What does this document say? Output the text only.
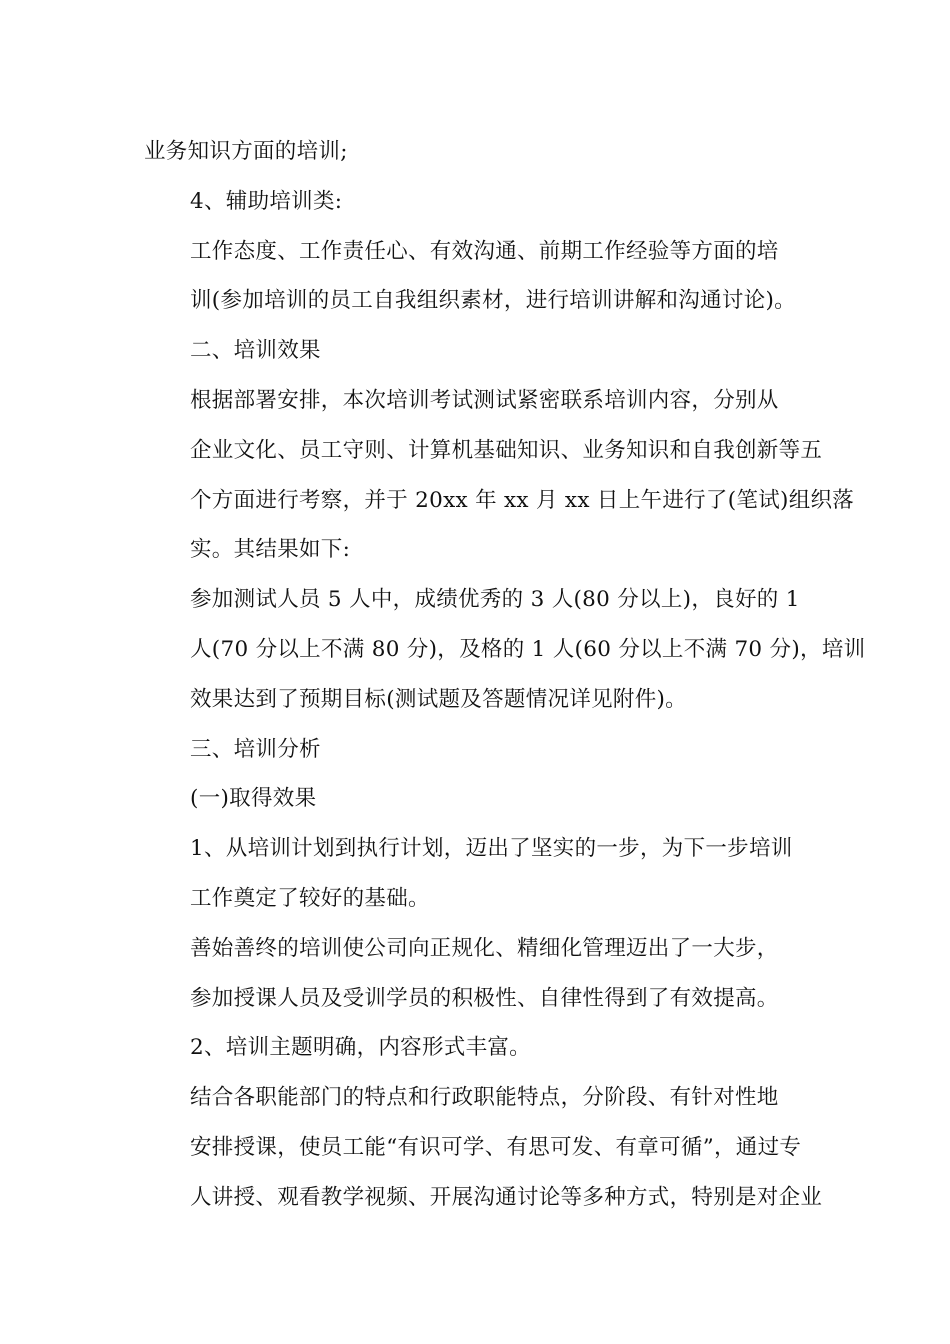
业务知识方面的培训;

4、辅助培训类:

工作态度、工作责任心、有效沟通、前期工作经验等方面的培
训(参加培训的员工自我组织素材，进行培训讲解和沟通讨论)。

二、培训效果

根据部署安排，本次培训考试测试紧密联系培训内容，分别从
企业文化、员工守则、计算机基础知识、业务知识和自我创新等五
个方面进行考察，并于 20xx 年 xx 月 xx 日上午进行了(笔试)组织落
实。其结果如下:

参加测试人员 5 人中，成绩优秀的 3 人(80 分以上)，良好的 1
人(70 分以上不满 80 分)，及格的 1 人(60 分以上不满 70 分)，培训
效果达到了预期目标(测试题及答题情况详见附件)。

三、培训分析

(一)取得效果

1、从培训计划到执行计划，迈出了坚实的一步，为下一步培训
工作奠定了较好的基础。

善始善终的培训使公司向正规化、精细化管理迈出了一大步，
参加授课人员及受训学员的积极性、自律性得到了有效提高。

2、培训主题明确，内容形式丰富。

结合各职能部门的特点和行政职能特点，分阶段、有针对性地
安排授课，使员工能“有识可学、有思可发、有章可循”，通过专
人讲授、观看教学视频、开展沟通讨论等多种方式，特别是对企业
